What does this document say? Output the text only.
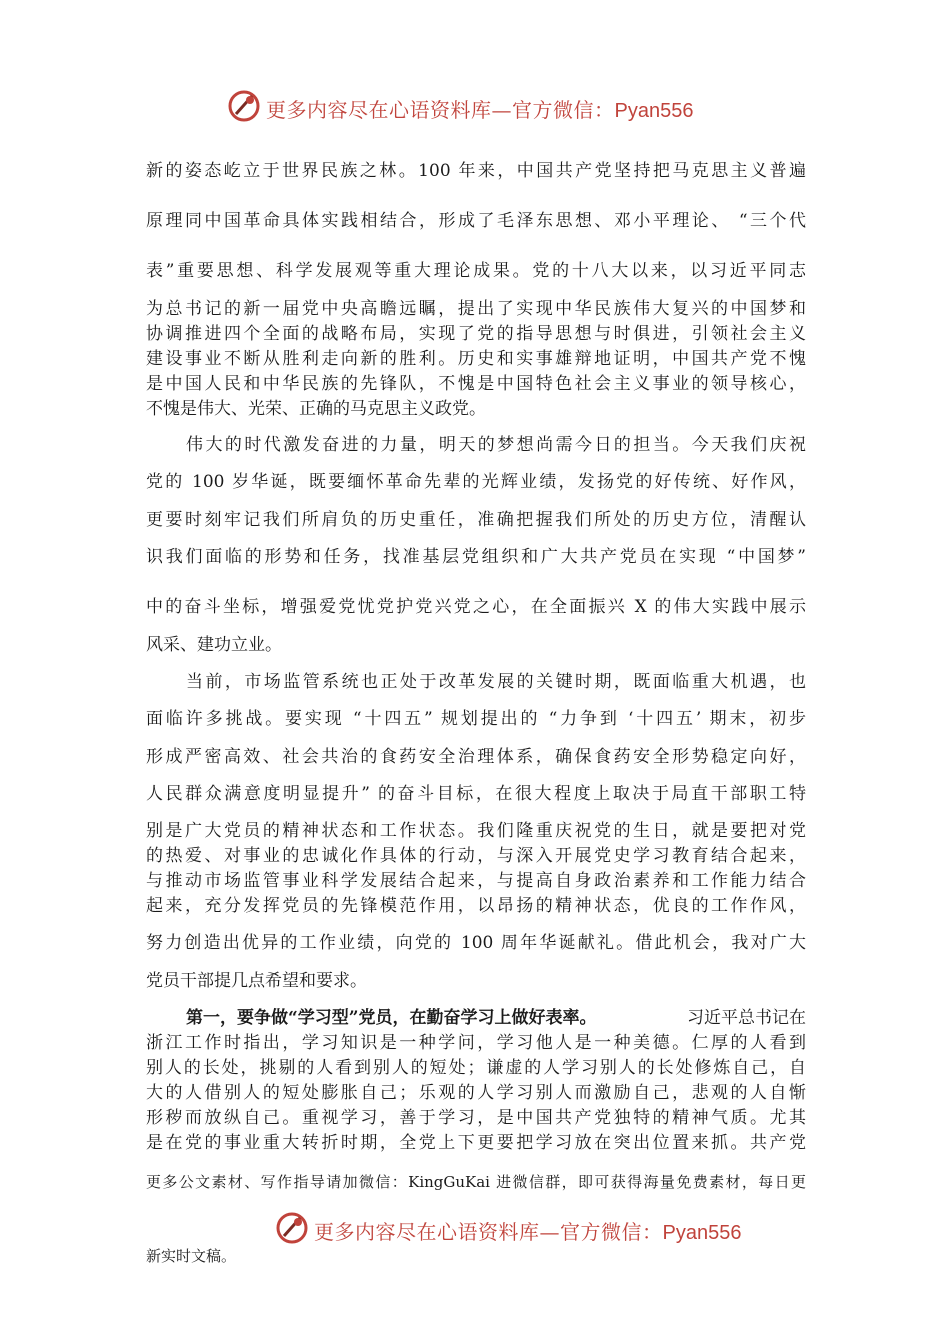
更多内容尽在心语资料库—官方微信：Pyan556
新的姿态屹立于世界民族之林。100 年来，中国共产党坚持把马克思主义普遍
原理同中国革命具体实践相结合，形成了毛泽东思想、邓小平理论、 “三个代
表”重要思想、科学发展观等重大理论成果。党的十八大以来，以习近平同志
为总书记的新一届党中央高瞻远瞩，提出了实现中华民族伟大复兴的中国梦和
协调推进四个全面的战略布局，实现了党的指导思想与时俱进，引领社会主义
建设事业不断从胜利走向新的胜利。历史和实事雄辩地证明，中国共产党不愧
是中国人民和中华民族的先锋队，不愧是中国特色社会主义事业的领导核心，
不愧是伟大、光荣、正确的马克思主义政党。
伟大的时代激发奋进的力量，明天的梦想尚需今日的担当。今天我们庆祝
党的 100 岁华诞，既要缅怀革命先辈的光辉业绩，发扬党的好传统、好作风，
更要时刻牢记我们所肩负的历史重任，准确把握我们所处的历史方位，清醒认
识我们面临的形势和任务，找准基层党组织和广大共产党员在实现 “中国梦”
中的奋斗坐标，增强爱党忧党护党兴党之心，在全面振兴 X 的伟大实践中展示
风采、建功立业。
当前，市场监管系统也正处于改革发展的关键时期，既面临重大机遇，也
面临许多挑战。要实现 “十四五” 规划提出的 “力争到 ‘十四五’ 期末，初步
形成严密高效、社会共治的食药安全治理体系，确保食药安全形势稳定向好，
人民群众满意度明显提升” 的奋斗目标，在很大程度上取决于局直干部职工特
别是广大党员的精神状态和工作状态。我们隆重庆祝党的生日，就是要把对党
的热爱、对事业的忠诚化作具体的行动，与深入开展党史学习教育结合起来，
与推动市场监管事业科学发展结合起来，与提高自身政治素养和工作能力结合
起来，充分发挥党员的先锋模范作用，以昂扬的精神状态，优良的工作作风，
努力创造出优异的工作业绩，向党的 100 周年华诞献礼。借此机会，我对广大
党员干部提几点希望和要求。
第一，要争做“学习型”党员，在勤奋学习上做好表率。	习近平总书记在
浙江工作时指出，学习知识是一种学问，学习他人是一种美德。仁厚的人看到
别人的长处，挑剔的人看到别人的短处；谦虚的人学习别人的长处修炼自己，自
大的人借别人的短处膨胀自己；乐观的人学习别人而激励自己，悲观的人自惭
形秽而放纵自己。重视学习，善于学习，是中国共产党独特的精神气质。尤其
是在党的事业重大转折时期，全党上下更要把学习放在突出位置来抓。共产党
更多公文素材、写作指导请加微信：KingGuKai 进微信群，即可获得海量免费素材，每日更
更多内容尽在心语资料库—官方微信：Pyan556
新实时文稿。
